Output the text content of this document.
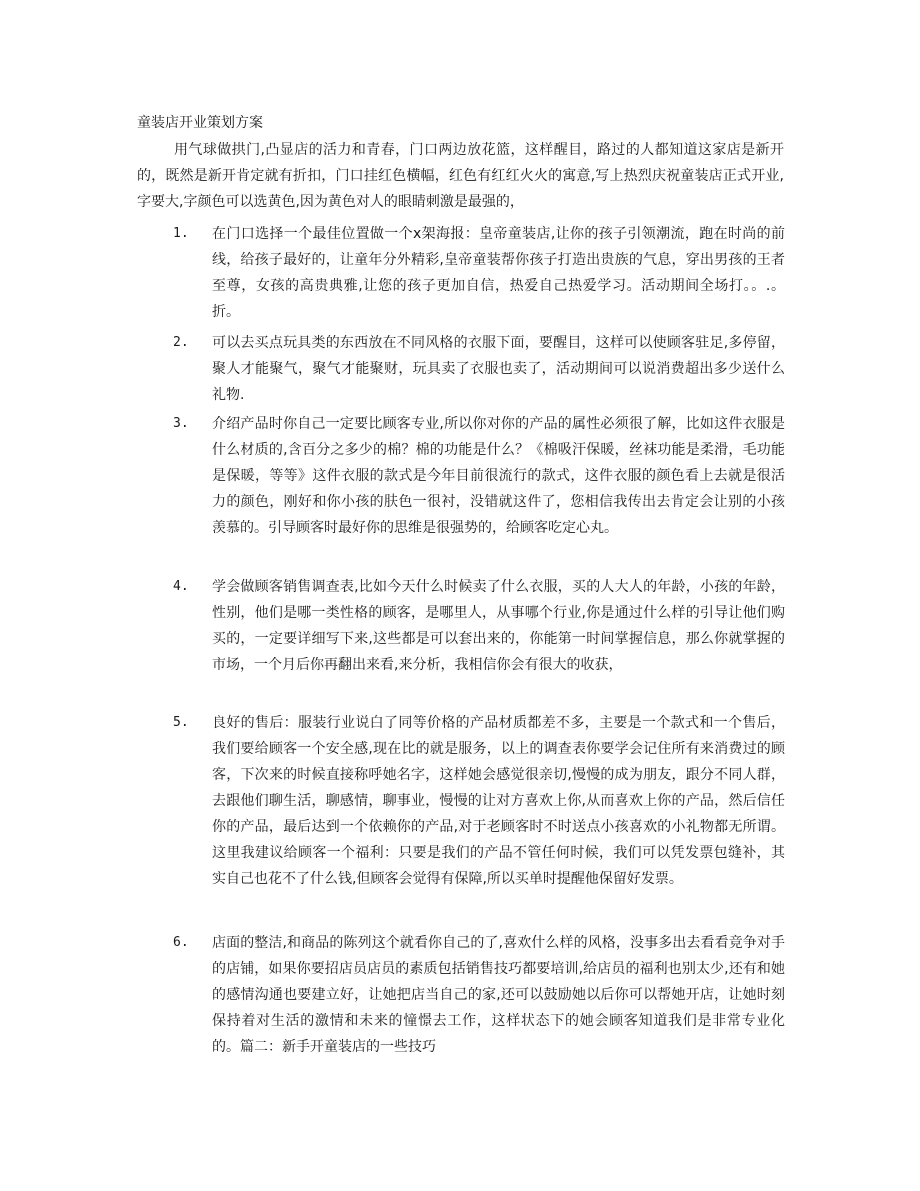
童装店开业策划方案
用气球做拱门,凸显店的活力和青春，门口两边放花篮，这样醒目，路过的人都知道这家店是新开的，既然是新开肯定就有折扣，门口挂红色横幅，红色有红红火火的寓意,写上热烈庆祝童装店正式开业,字要大,字颜色可以选黄色,因为黄色对人的眼睛刺激是最强的，
1. 在门口选择一个最佳位置做一个x架海报：皇帝童装店,让你的孩子引领潮流，跑在时尚的前线，给孩子最好的，让童年分外精彩,皇帝童装帮你孩子打造出贵族的气息，穿出男孩的王者至尊，女孩的高贵典雅,让您的孩子更加自信，热爱自己热爱学习。活动期间全场打。。.。折。
2. 可以去买点玩具类的东西放在不同风格的衣服下面，要醒目，这样可以使顾客驻足,多停留，聚人才能聚气，聚气才能聚财，玩具卖了衣服也卖了，活动期间可以说消费超出多少送什么礼物.
3. 介绍产品时你自己一定要比顾客专业,所以你对你的产品的属性必须很了解，比如这件衣服是什么材质的,含百分之多少的棉？棉的功能是什么？《棉吸汗保暖，丝袜功能是柔滑，毛功能是保暖，等等》这件衣服的款式是今年目前很流行的款式，这件衣服的颜色看上去就是很活力的颜色，刚好和你小孩的肤色一很衬，没错就这件了，您相信我传出去肯定会让别的小孩羡慕的。引导顾客时最好你的思维是很强势的，给顾客吃定心丸。
4. 学会做顾客销售调查表,比如今天什么时候卖了什么衣服，买的人大人的年龄，小孩的年龄，性别，他们是哪一类性格的顾客，是哪里人，从事哪个行业,你是通过什么样的引导让他们购买的，一定要详细写下来,这些都是可以套出来的，你能第一时间掌握信息，那么你就掌握的市场，一个月后你再翻出来看,来分析，我相信你会有很大的收获，
5. 良好的售后：服装行业说白了同等价格的产品材质都差不多，主要是一个款式和一个售后，我们要给顾客一个安全感,现在比的就是服务，以上的调查表你要学会记住所有来消费过的顾客，下次来的时候直接称呼她名字，这样她会感觉很亲切,慢慢的成为朋友，跟分不同人群，去跟他们聊生活，聊感情，聊事业，慢慢的让对方喜欢上你,从而喜欢上你的产品，然后信任你的产品，最后达到一个依赖你的产品,对于老顾客时不时送点小孩喜欢的小礼物都无所谓。这里我建议给顾客一个福利：只要是我们的产品不管任何时候，我们可以凭发票包缝补，其实自己也花不了什么钱,但顾客会觉得有保障,所以买单时提醒他保留好发票。
6. 店面的整洁,和商品的陈列这个就看你自己的了,喜欢什么样的风格，没事多出去看看竞争对手的店铺，如果你要招店员店员的素质包括销售技巧都要培训,给店员的福利也别太少,还有和她的感情沟通也要建立好，让她把店当自己的家,还可以鼓励她以后你可以帮她开店，让她时刻保持着对生活的激情和未来的憧憬去工作，这样状态下的她会顾客知道我们是非常专业化的。篇二：新手开童装店的一些技巧
